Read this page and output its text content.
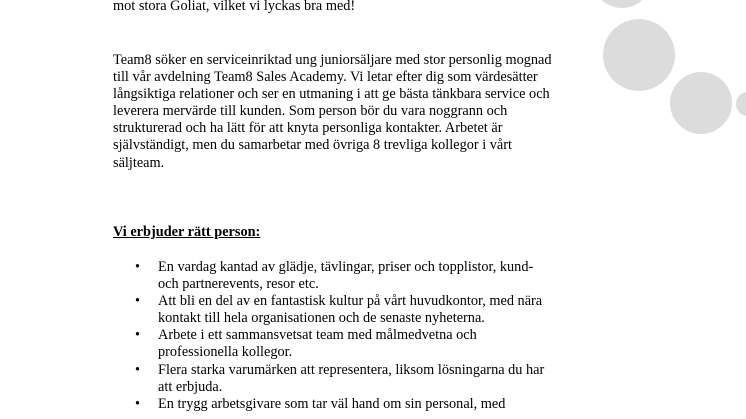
mot stora Goliat, vilket vi lyckas bra med!
Team8 söker en serviceinriktad ung juniorsäljare med stor personlig mognad till vår avdelning Team8 Sales Academy. Vi letar efter dig som värdesätter långsiktiga relationer och ser en utmaning i att ge bästa tänkbara service och leverera mervärde till kunden. Som person bör du vara noggrann och strukturerad och ha lätt för att knyta personliga kontakter. Arbetet är självständigt, men du samarbetar med övriga 8 trevliga kollegor i vårt säljteam.
Vi erbjuder rätt person:
• En vardag kantad av glädje, tävlingar, priser och topplistor, kund- och partnerevents, resor etc.
• Att bli en del av en fantastisk kultur på vårt huvudkontor, med nära kontakt till hela organisationen och de senaste nyheterna.
• Arbete i ett sammansvetsat team med målmedvetna och professionella kollegor.
• Flera starka varumärken att representera, liksom lösningarna du har att erbjuda.
• En trygg arbetsgivare som tar väl hand om sin personal, med
